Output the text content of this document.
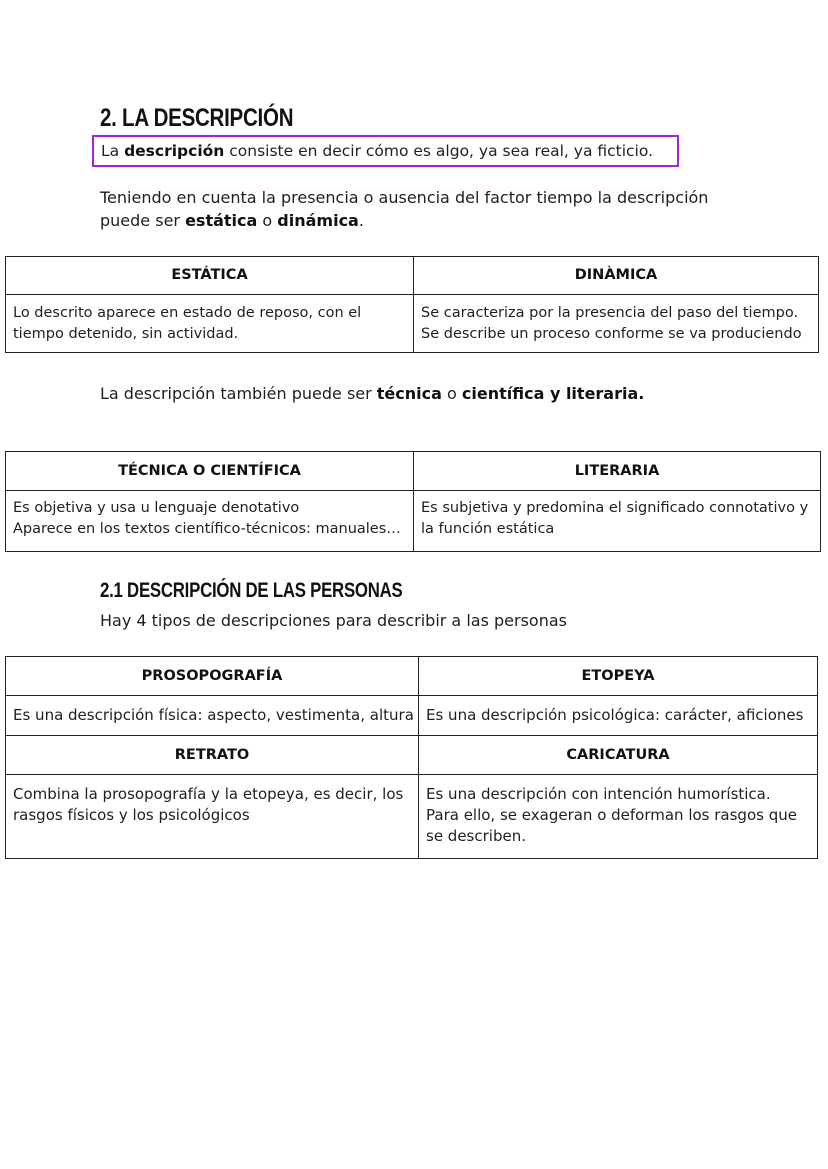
2. LA DESCRIPCIÓN
La descripción consiste en decir cómo es algo, ya sea real, ya ficticio.

Teniendo en cuenta la presencia o ausencia del factor tiempo la descripción
puede ser estática o dinámica.

ESTÁTICA	DINÀMICA

Lo descrito aparece en estado de reposo, con el
tiempo detenido, sin actividad.	Se caracteriza por la presencia del paso del tiempo.
Se describe un proceso conforme se va produciendo

La descripción también puede ser técnica o científica y literaria.

TÉCNICA O CIENTÍFICA	LITERARIA

Es objetiva y usa u lenguaje denotativo
Aparece en los textos científico-técnicos: manuales…	Es subjetiva y predomina el significado connotativo y
la función estática
2.1 DESCRIPCIÓN DE LAS PERSONAS

Hay 4 tipos de descripciones para describir a las personas

PROSOPOGRAFÍA	ETOPEYA
Es una descripción física: aspecto, vestimenta, altura	Es una descripción psicológica: carácter, aficiones
RETRATO	CARICATURA

Combina la prosopografía y la etopeya, es decir, los
rasgos físicos y los psicológicos	Es una descripción con intención humorística.
Para ello, se exageran o deforman los rasgos que
se describen.
